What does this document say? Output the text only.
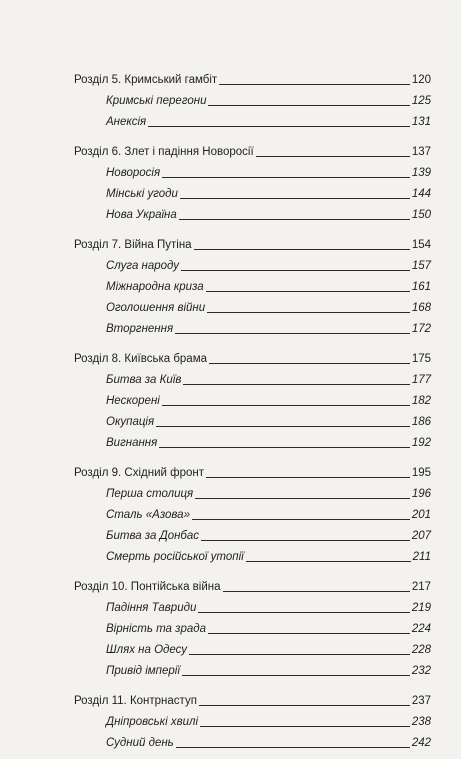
Розділ 5. Кримський гамбіт	120
Кримські перегони	125
Анексія	131
Розділ 6. Злет і падіння Новоросії	137
Новоросія	139
Мінські угоди	144
Нова Україна	150
Розділ 7. Війна Путіна	154
Слуга народу	157
Міжнародна криза	161
Оголошення війни	168
Вторгнення	172
Розділ 8. Київська брама	175
Битва за Київ	177
Нескорені	182
Окупація	186
Вигнання	192
Розділ 9. Східний фронт	195
Перша столиця	196
Сталь «Азова»	201
Битва за Донбас	207
Смерть російської утопії	211
Розділ 10. Понтійська війна	217
Падіння Тавриди	219
Вірність та зрада	224
Шлях на Одесу	228
Привід імперії	232
Розділ 11. Контрнаступ	237
Дніпровські хвилі	238
Судний день	242
